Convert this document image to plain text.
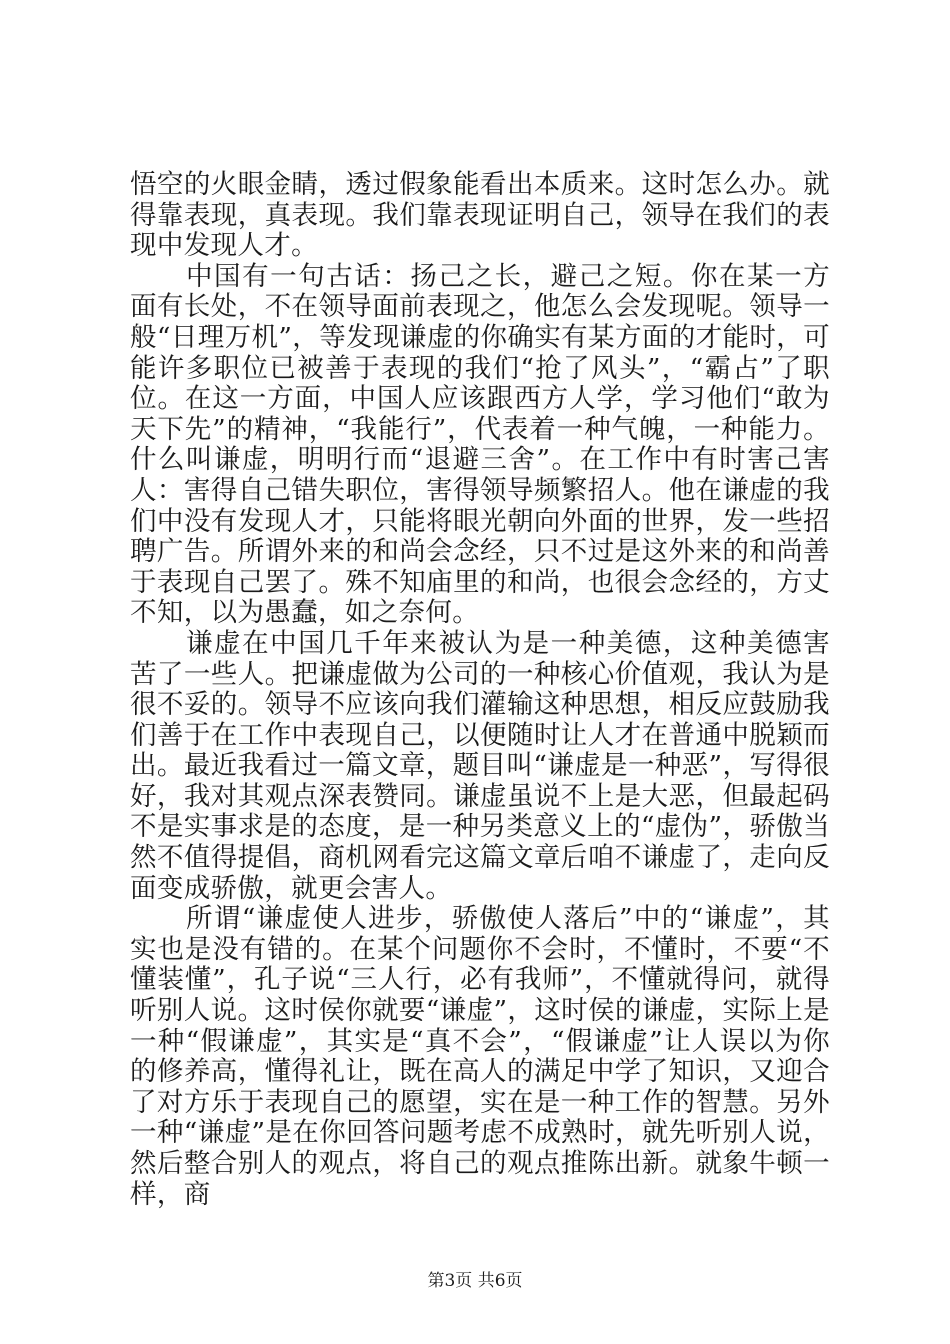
悟空的火眼金睛，透过假象能看出本质来。这时怎么办。就得靠表现，真表现。我们靠表现证明自己，领导在我们的表现中发现人才。

中国有一句古话：扬己之长，避己之短。你在某一方面有长处，不在领导面前表现之，他怎么会发现呢。领导一般“日理万机”，等发现谦虚的你确实有某方面的才能时，可能许多职位已被善于表现的我们“抢了风头”，“霸占”了职位。在这一方面，中国人应该跟西方人学，学习他们“敢为天下先”的精神，“我能行”，代表着一种气魄，一种能力。什么叫谦虚，明明行而“退避三舍”。在工作中有时害己害人：害得自己错失职位，害得领导频繁招人。他在谦虚的我们中没有发现人才，只能将眼光朝向外面的世界，发一些招聘广告。所谓外来的和尚会念经，只不过是这外来的和尚善于表现自己罢了。殊不知庙里的和尚，也很会念经的，方丈不知，以为愚蠢，如之奈何。

谦虚在中国几千年来被认为是一种美德，这种美德害苦了一些人。把谦虚做为公司的一种核心价值观，我认为是很不妥的。领导不应该向我们灌输这种思想，相反应鼓励我们善于在工作中表现自己，以便随时让人才在普通中脱颖而出。最近我看过一篇文章，题目叫“谦虚是一种恶”，写得很好，我对其观点深表赞同。谦虚虽说不上是大恶，但最起码不是实事求是的态度，是一种另类意义上的“虚伪”，骄傲当然不值得提倡，商机网看完这篇文章后咱不谦虚了，走向反面变成骄傲，就更会害人。

所谓“谦虚使人进步，骄傲使人落后”中的“谦虚”，其实也是没有错的。在某个问题你不会时，不懂时，不要“不懂装懂”，孔子说“三人行，必有我师”，不懂就得问，就得听别人说。这时侯你就要“谦虚”，这时侯的谦虚，实际上是一种“假谦虚”，其实是“真不会”，“假谦虚”让人误以为你的修养高，懂得礼让，既在高人的满足中学了知识，又迎合了对方乐于表现自己的愿望，实在是一种工作的智慧。另外一种“谦虚”是在你回答问题考虑不成熟时，就先听别人说，然后整合别人的观点，将自己的观点推陈出新。就象牛顿一样，商

第3页 共6页
